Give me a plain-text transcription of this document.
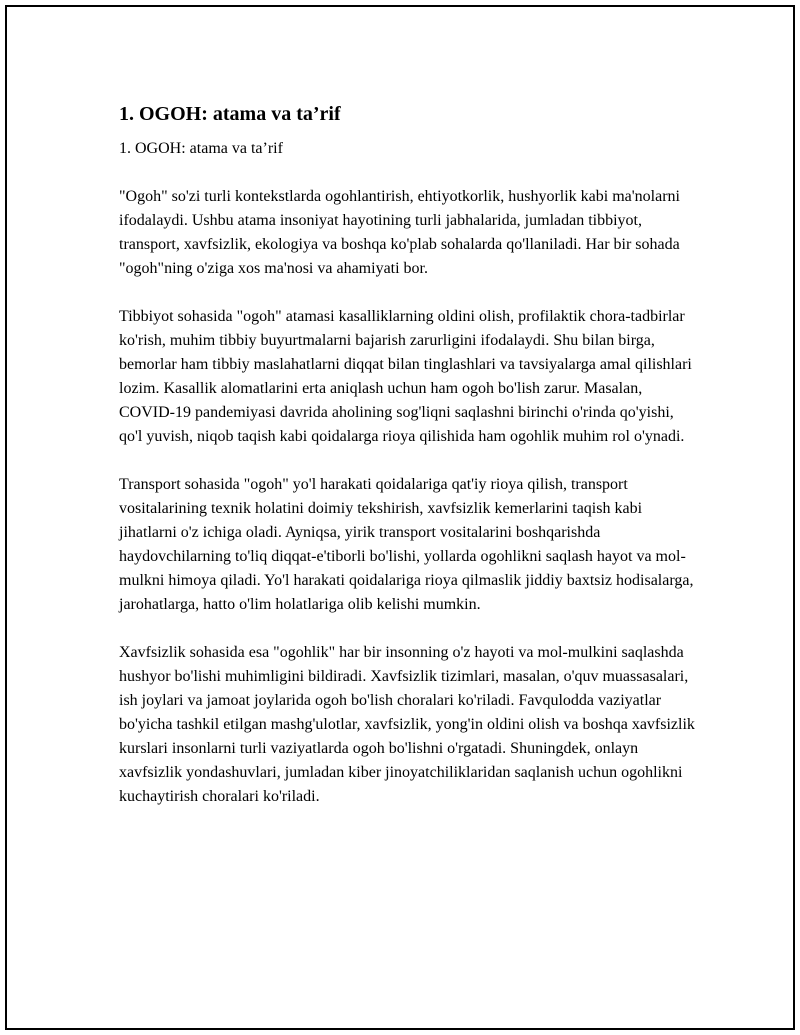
1. OGOH: atama va ta’rif
1. OGOH: atama va ta’rif

"Ogoh" so'zi turli kontekstlarda ogohlantirish, ehtiyotkorlik, hushyorlik kabi ma'nolarni ifodalaydi. Ushbu atama insoniyat hayotining turli jabhalarida, jumladan tibbiyot, transport, xavfsizlik, ekologiya va boshqa ko'plab sohalarda qo'llaniladi. Har bir sohada "ogoh"ning o'ziga xos ma'nosi va ahamiyati bor.

Tibbiyot sohasida "ogoh" atamasi kasalliklarning oldini olish, profilaktik chora-tadbirlar ko'rish, muhim tibbiy buyurtmalarni bajarish zarurligini ifodalaydi. Shu bilan birga, bemorlar ham tibbiy maslahatlarni diqqat bilan tinglashlari va tavsiyalarga amal qilishlari lozim. Kasallik alomatlarini erta aniqlash uchun ham ogoh bo'lish zarur. Masalan, COVID-19 pandemiyasi davrida aholining sog'liqni saqlashni birinchi o'rinda qo'yishi, qo'l yuvish, niqob taqish kabi qoidalarga rioya qilishida ham ogohlik muhim rol o'ynadi.

Transport sohasida "ogoh" yo'l harakati qoidalariga qat'iy rioya qilish, transport vositalarining texnik holatini doimiy tekshirish, xavfsizlik kemerlarini taqish kabi jihatlarni o'z ichiga oladi. Ayniqsa, yirik transport vositalarini boshqarishda haydovchilarning to'liq diqqat-e'tiborli bo'lishi, yollarda ogohlikni saqlash hayot va mol-mulkni himoya qiladi. Yo'l harakati qoidalariga rioya qilmaslik jiddiy baxtsiz hodisalarga, jarohatlarga, hatto o'lim holatlariga olib kelishi mumkin.

Xavfsizlik sohasida esa "ogohlik" har bir insonning o'z hayoti va mol-mulkini saqlashda hushyor bo'lishi muhimligini bildiradi. Xavfsizlik tizimlari, masalan, o'quv muassasalari, ish joylari va jamoat joylarida ogoh bo'lish choralari ko'riladi. Favqulodda vaziyatlar bo'yicha tashkil etilgan mashg'ulotlar, xavfsizlik, yong'in oldini olish va boshqa xavfsizlik kurslari insonlarni turli vaziyatlarda ogoh bo'lishni o'rgatadi. Shuningdek, onlayn xavfsizlik yondashuvlari, jumladan kiber jinoyatchiliklaridan saqlanish uchun ogohlikni kuchaytirish choralari ko'riladi.
